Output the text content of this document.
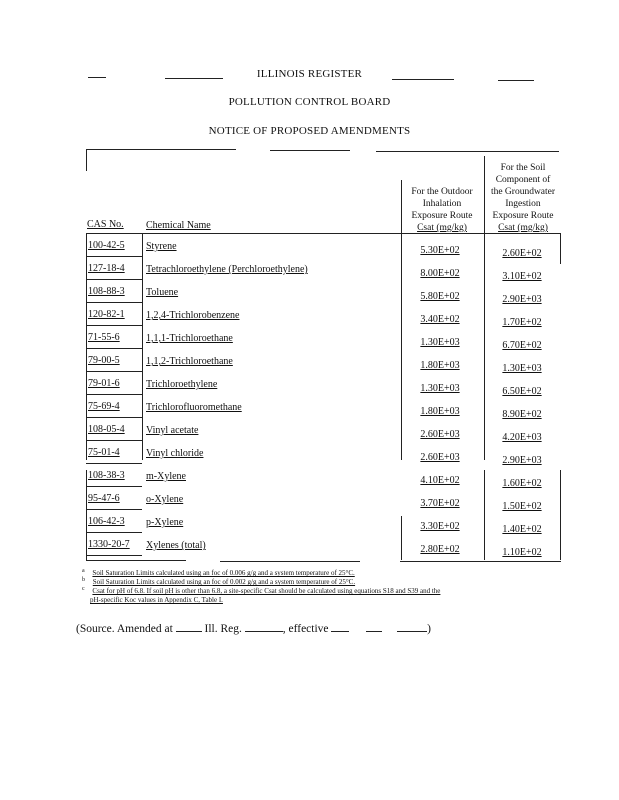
ILLINOIS REGISTER
POLLUTION CONTROL BOARD
NOTICE OF PROPOSED AMENDMENTS
For the Outdoor
Inhalation
Exposure Route
Csat (mg/kg)
For the Soil
Component of
the Groundwater
Ingestion
Exposure Route
Csat (mg/kg)
CAS No. Chemical Name
100-42-5 Styrene	5.30E+02	2.60E+02
127-18-4 Tetrachloroethylene (Perchloroethylene)	8.00E+02	3.10E+02
108-88-3 Toluene	5.80E+02	2.90E+03
120-82-1 1,2,4-Trichlorobenzene	3.40E+02	1.70E+02
71-55-6	1,1,1-Trichloroethane	1.30E+03	6.70E+02
79-00-5	1,1,2-Trichloroethane	1.80E+03	1.30E+03
79-01-6	Trichloroethylene	1.30E+03	6.50E+02
75-69-4	Trichlorofluoromethane	1.80E+03	8.90E+02
108-05-4 Vinyl acetate	2.60E+03	4.20E+03
75-01-4	Vinyl chloride	2.60E+03	2.90E+03
108-38-3 m-Xylene	4.10E+02	1.60E+02
95-47-6	o-Xylene	3.70E+02	1.50E+02
106-42-3 p-Xylene	3.30E+02	1.40E+02
1330-20-7 Xylenes (total)	2.80E+02	1.10E+02
a Soil Saturation Limits calculated using an foc of 0.006 g/g and a system temperature of 25°C.
b Soil Saturation Limits calculated using an foc of 0.002 g/g and a system temperature of 25°C.
c Csat for pH of 6.8. If soil pH is other than 6.8, a site-specific Csat should be calculated using equations S18 and S39 and the
pH-specific Koc values in Appendix C, Table I.
(Source. Amended at	Ill. Reg.	, effective	)
